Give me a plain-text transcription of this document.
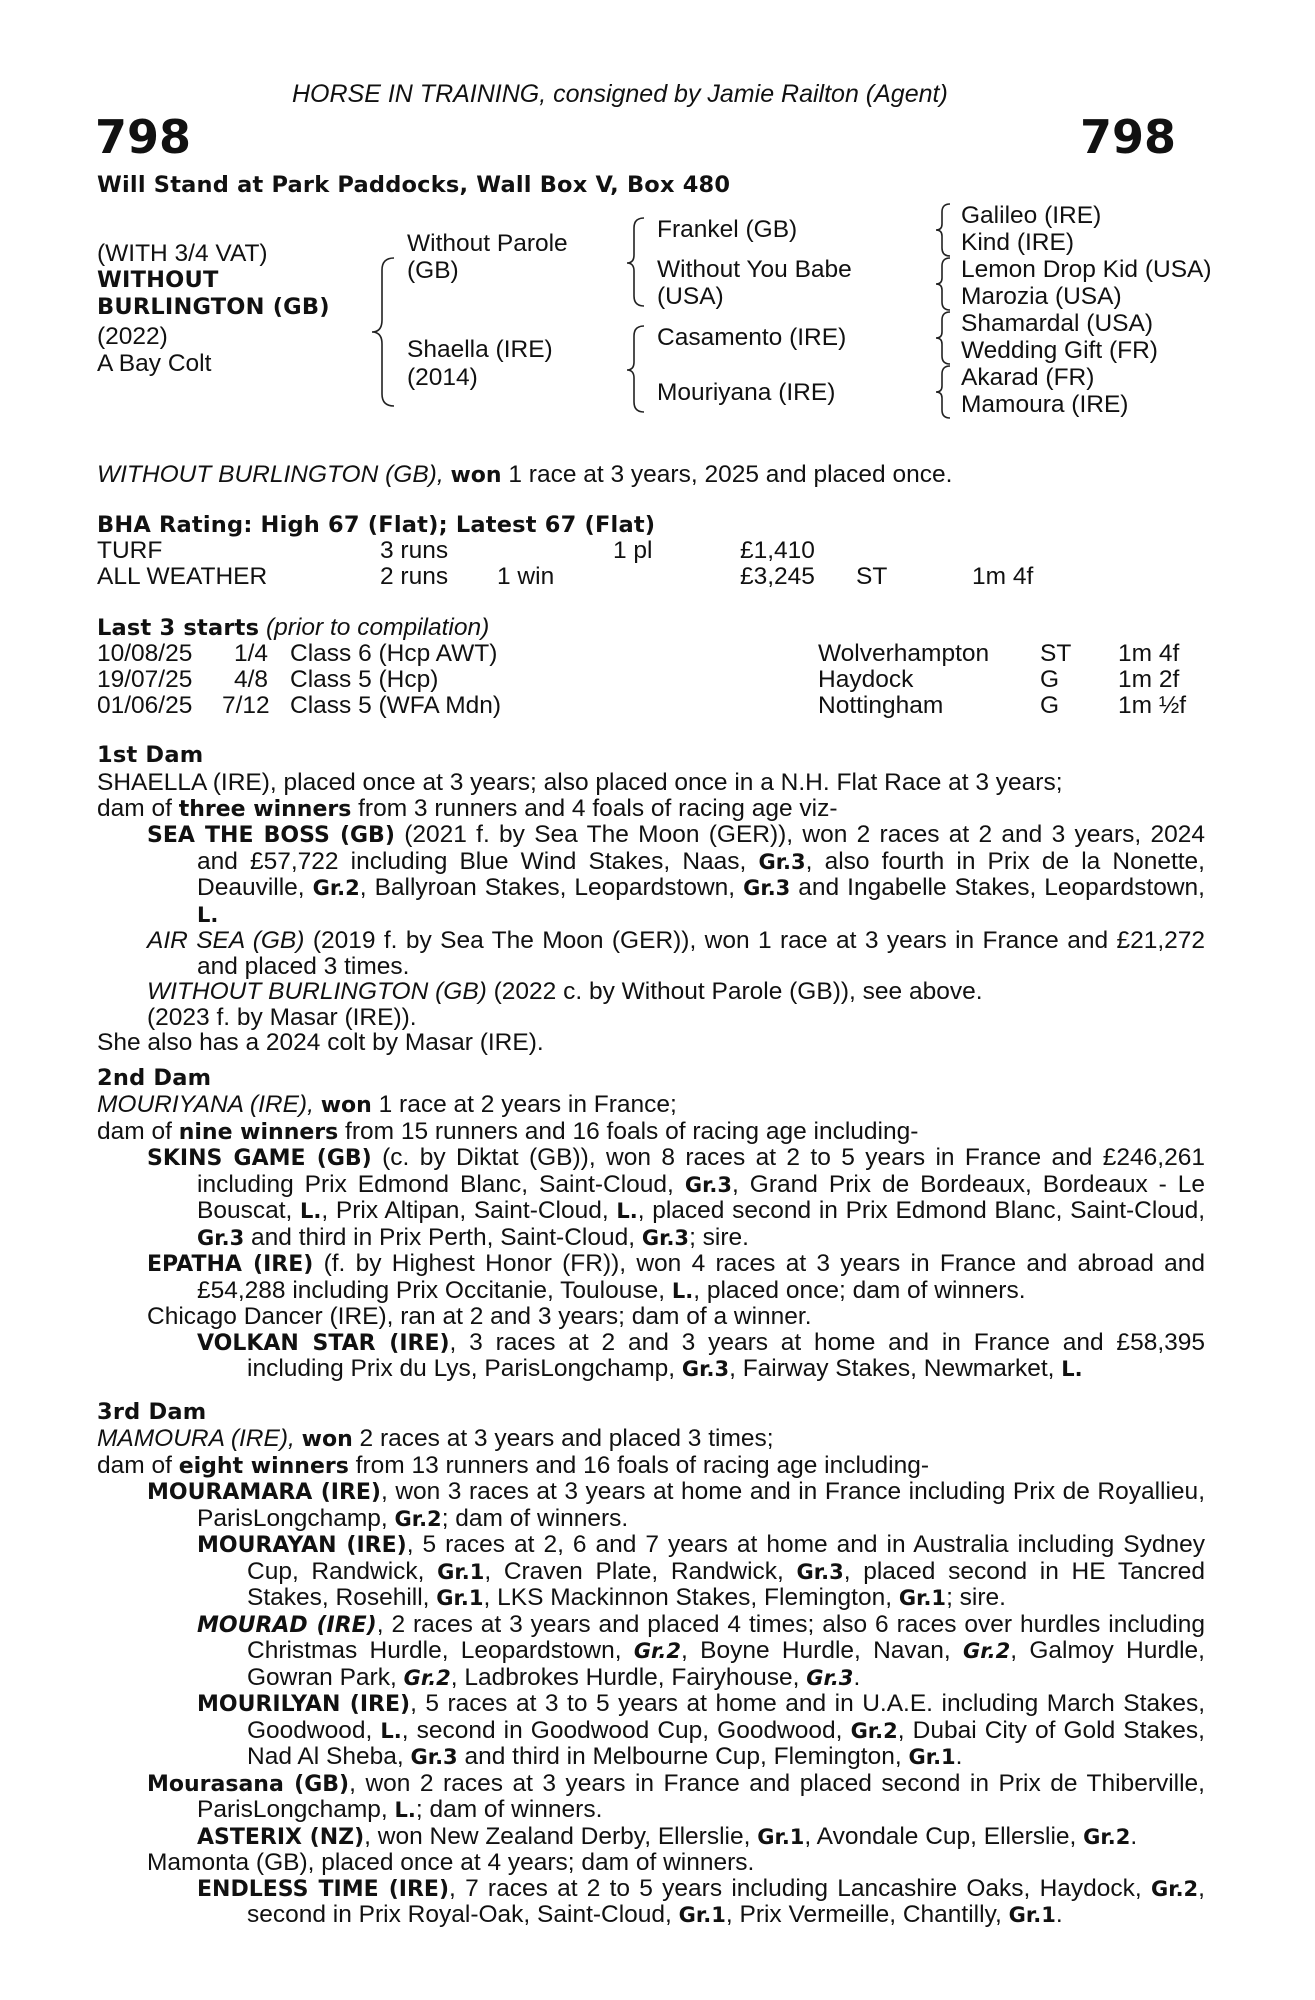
HORSE IN TRAINING, consigned by Jamie Railton (Agent)
798	798
Will Stand at Park Paddocks, Wall Box V, Box 480
(WITH 3/4 VAT)
WITHOUT
BURLINGTON (GB)
(2022)
A Bay Colt
Without Parole
(GB)
Shaella (IRE)
(2014)
Frankel (GB)
Without You Babe
(USA)
Casamento (IRE)
Mouriyana (IRE)
Galileo (IRE)
Kind (IRE)
Lemon Drop Kid (USA)
Marozia (USA)
Shamardal (USA)
Wedding Gift (FR)
Akarad (FR)
Mamoura (IRE)
WITHOUT BURLINGTON (GB), won 1 race at 3 years, 2025 and placed once.
BHA Rating: High 67 (Flat); Latest 67 (Flat)
TURF	3 runs	1 pl	£1,410
ALL WEATHER	2 runs 1 win	£3,245 ST	1m 4f
Last 3 starts (prior to compilation)
10/08/25 1/4 Class 6 (Hcp AWT)	Wolverhampton ST 1m 4f
19/07/25 4/8 Class 5 (Hcp)	Haydock	G 1m 2f
01/06/25 7/12 Class 5 (WFA Mdn)	Nottingham	G 1m ½f
1st Dam

SHAELLA (IRE), placed once at 3 years; also placed once in a N.H. Flat Race at 3 years;

dam of three winners from 3 runners and 4 foals of racing age viz-

SEA THE BOSS (GB) (2021 f. by Sea The Moon (GER)), won 2 races at 2 and 3 years, 2024 and £57,722 including Blue Wind Stakes, Naas, Gr.3, also fourth in Prix de la Nonette, Deauville, Gr.2, Ballyroan Stakes, Leopardstown, Gr.3 and Ingabelle Stakes, Leopardstown, L.

AIR SEA (GB) (2019 f. by Sea The Moon (GER)), won 1 race at 3 years in France and £21,272 and placed 3 times.

WITHOUT BURLINGTON (GB) (2022 c. by Without Parole (GB)), see above.

(2023 f. by Masar (IRE)).

She also has a 2024 colt by Masar (IRE).

2nd Dam

MOURIYANA (IRE), won 1 race at 2 years in France;

dam of nine winners from 15 runners and 16 foals of racing age including-

SKINS GAME (GB) (c. by Diktat (GB)), won 8 races at 2 to 5 years in France and £246,261 including Prix Edmond Blanc, Saint-Cloud, Gr.3, Grand Prix de Bordeaux, Bordeaux - Le Bouscat, L., Prix Altipan, Saint-Cloud, L., placed second in Prix Edmond Blanc, Saint-Cloud, Gr.3 and third in Prix Perth, Saint-Cloud, Gr.3; sire.

EPATHA (IRE) (f. by Highest Honor (FR)), won 4 races at 3 years in France and abroad and £54,288 including Prix Occitanie, Toulouse, L., placed once; dam of winners.

Chicago Dancer (IRE), ran at 2 and 3 years; dam of a winner.

VOLKAN STAR (IRE), 3 races at 2 and 3 years at home and in France and £58,395 including Prix du Lys, ParisLongchamp, Gr.3, Fairway Stakes, Newmarket, L.

3rd Dam

MAMOURA (IRE), won 2 races at 3 years and placed 3 times;

dam of eight winners from 13 runners and 16 foals of racing age including-

MOURAMARA (IRE), won 3 races at 3 years at home and in France including Prix de Royallieu, ParisLongchamp, Gr.2; dam of winners.

MOURAYAN (IRE), 5 races at 2, 6 and 7 years at home and in Australia including Sydney Cup, Randwick, Gr.1, Craven Plate, Randwick, Gr.3, placed second in HE Tancred Stakes, Rosehill, Gr.1, LKS Mackinnon Stakes, Flemington, Gr.1; sire.

MOURAD (IRE), 2 races at 3 years and placed 4 times; also 6 races over hurdles including Christmas Hurdle, Leopardstown, Gr.2, Boyne Hurdle, Navan, Gr.2, Galmoy Hurdle, Gowran Park, Gr.2, Ladbrokes Hurdle, Fairyhouse, Gr.3.

MOURILYAN (IRE), 5 races at 3 to 5 years at home and in U.A.E. including March Stakes, Goodwood, L., second in Goodwood Cup, Goodwood, Gr.2, Dubai City of Gold Stakes, Nad Al Sheba, Gr.3 and third in Melbourne Cup, Flemington, Gr.1.

Mourasana (GB), won 2 races at 3 years in France and placed second in Prix de Thiberville, ParisLongchamp, L.; dam of winners.

ASTERIX (NZ), won New Zealand Derby, Ellerslie, Gr.1, Avondale Cup, Ellerslie, Gr.2.

Mamonta (GB), placed once at 4 years; dam of winners.

ENDLESS TIME (IRE), 7 races at 2 to 5 years including Lancashire Oaks, Haydock, Gr.2, second in Prix Royal-Oak, Saint-Cloud, Gr.1, Prix Vermeille, Chantilly, Gr.1.
